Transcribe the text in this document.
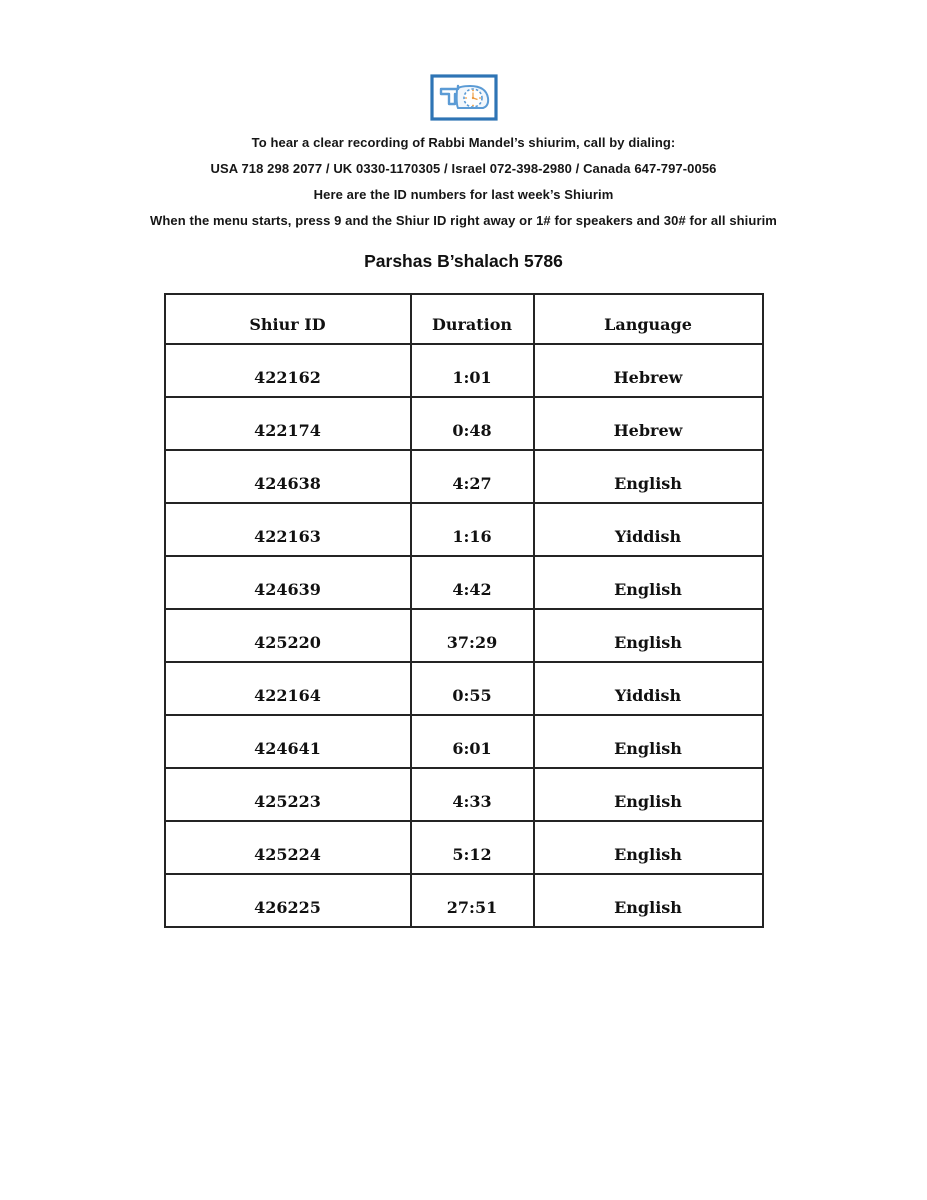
To hear a clear recording of Rabbi Mandel’s shiurim, call by dialing:

USA 718 298 2077 / UK 0330-1170305 / Israel 072-398-2980 / Canada 647-797-0056

Here are the ID numbers for last week’s Shiurim

When the menu starts, press 9 and the Shiur ID right away or 1# for speakers and 30# for all shiurim

Parshas B’shalach 5786
Shiur ID	Duration	Language
422162	1:01	Hebrew
422174	0:48	Hebrew
424638	4:27	English
422163	1:16	Yiddish
424639	4:42	English
425220	37:29	English
422164	0:55	Yiddish
424641	6:01	English
425223	4:33	English
425224	5:12	English
426225	27:51	English
